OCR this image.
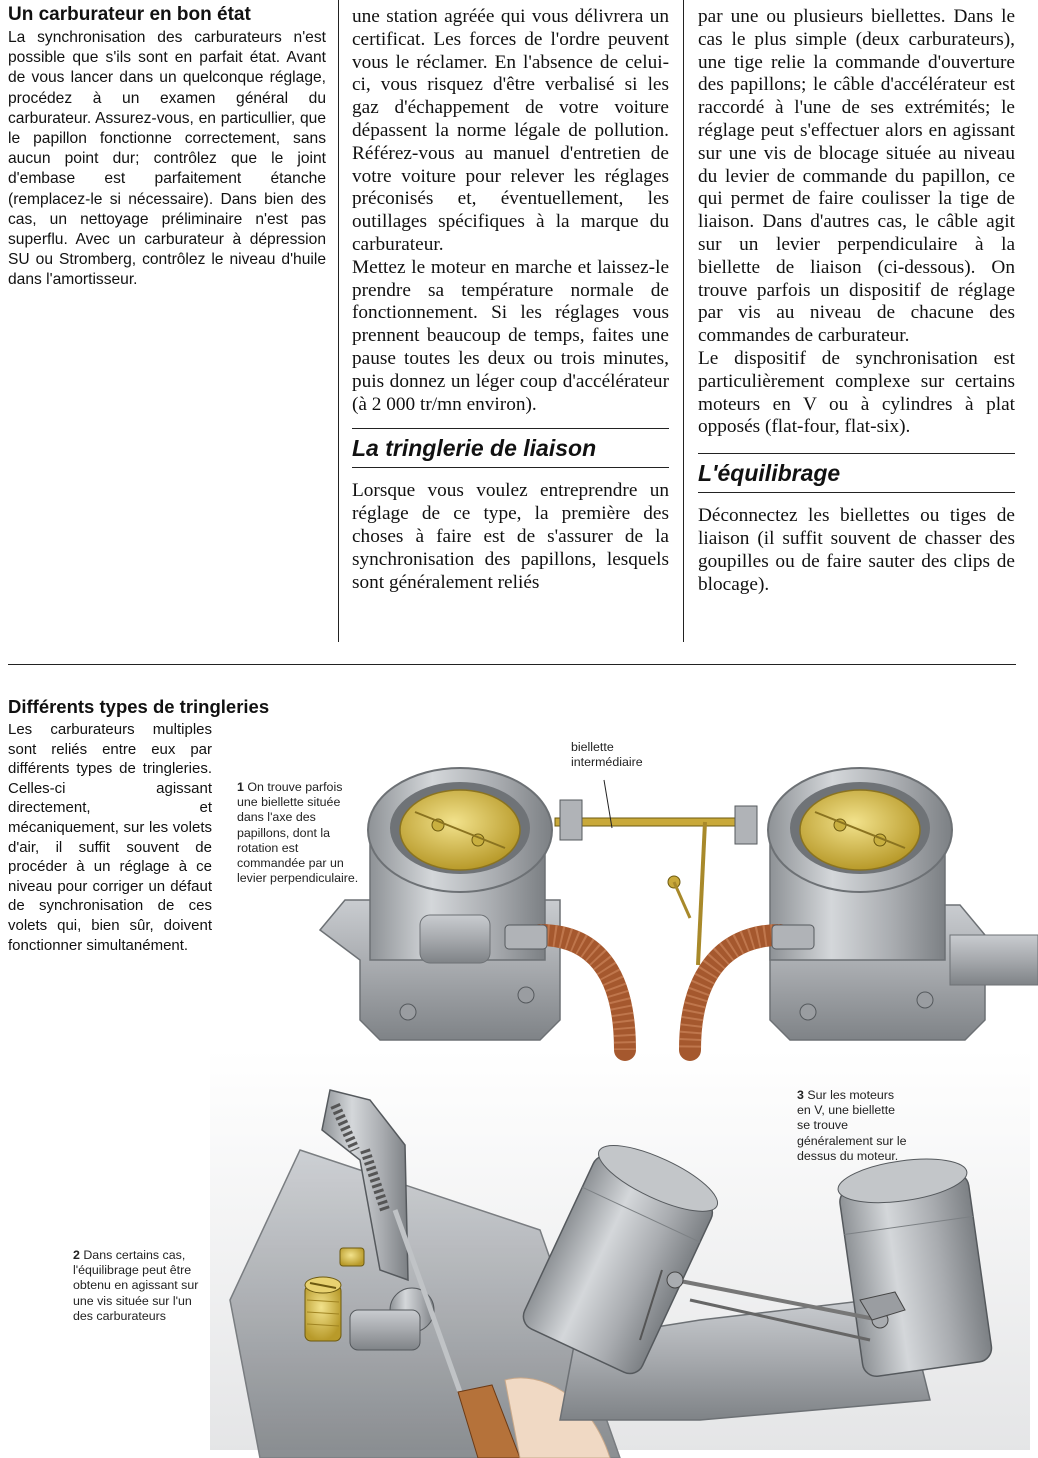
Un carburateur en bon état

La synchronisation des carburateurs n'est possible que s'ils sont en parfait état. Avant de vous lancer dans un quelconque réglage, procédez à un examen général du carburateur. Assurez-vous, en particullier, que le papillon fonctionne correctement, sans aucun point dur; contrôlez que le joint d'embase est parfaitement étanche (remplacez-le si nécessaire). Dans bien des cas, un nettoyage préliminaire n'est pas superflu. Avec un carburateur à dépression SU ou Stromberg, contrôlez le niveau d'huile dans l'amortisseur.

une station agréée qui vous délivrera un certificat. Les forces de l'ordre peuvent vous le réclamer. En l'absence de celui-ci, vous risquez d'être verbalisé si les gaz d'échappement de votre voiture dépassent la norme légale de pollution. Référez-vous au manuel d'entretien de votre voiture pour relever les réglages préconisés et, éventuellement, les outillages spécifiques à la marque du carburateur.

Mettez le moteur en marche et laissez-le prendre sa température normale de fonctionnement. Si les réglages vous prennent beaucoup de temps, faites une pause toutes les deux ou trois minutes, puis donnez un léger coup d'accélérateur (à 2 000 tr/mn environ).

La tringlerie de liaison

Lorsque vous voulez entreprendre un réglage de ce type, la première des choses à faire est de s'assurer de la synchronisation des papillons, lesquels sont généralement reliés

par une ou plusieurs biellettes. Dans le cas le plus simple (deux carburateurs), une tige relie la commande d'ouverture des papillons; le câble d'accélérateur est raccordé à l'une de ses extrémités; le réglage peut s'effectuer alors en agissant sur une vis de blocage située au niveau du levier de commande du papillon, ce qui permet de faire coulisser la tige de liaison. Dans d'autres cas, le câble agit sur un levier perpendiculaire à la biellette de liaison (ci-dessous). On trouve parfois un dispositif de réglage par vis au niveau de chacune des commandes de carburateur.

Le dispositif de synchronisation est particulièrement complexe sur certains moteurs en V ou à cylindres à plat opposés (flat-four, flat-six).

L'équilibrage

Déconnectez les biellettes ou tiges de liaison (il suffit souvent de chasser des goupilles ou de faire sauter des clips de blocage).

Différents types de tringleries

Les carburateurs multiples sont reliés entre eux par différents types de tringleries. Celles-ci agissant directement, et mécaniquement, sur les volets d'air, il suffit souvent de procéder à un réglage à ce niveau pour corriger un défaut de synchronisation de ces volets qui, bien sûr, doivent fonctionner simultanément.

biellette intermédiaire
1 On trouve parfois une biellette située dans l'axe des papillons, dont la rotation est commandée par un levier perpendiculaire.
2 Dans certains cas, l'équilibrage peut être obtenu en agissant sur une vis située sur l'un des carburateurs
3 Sur les moteurs en V, une biellette se trouve généralement sur le dessus du moteur.
